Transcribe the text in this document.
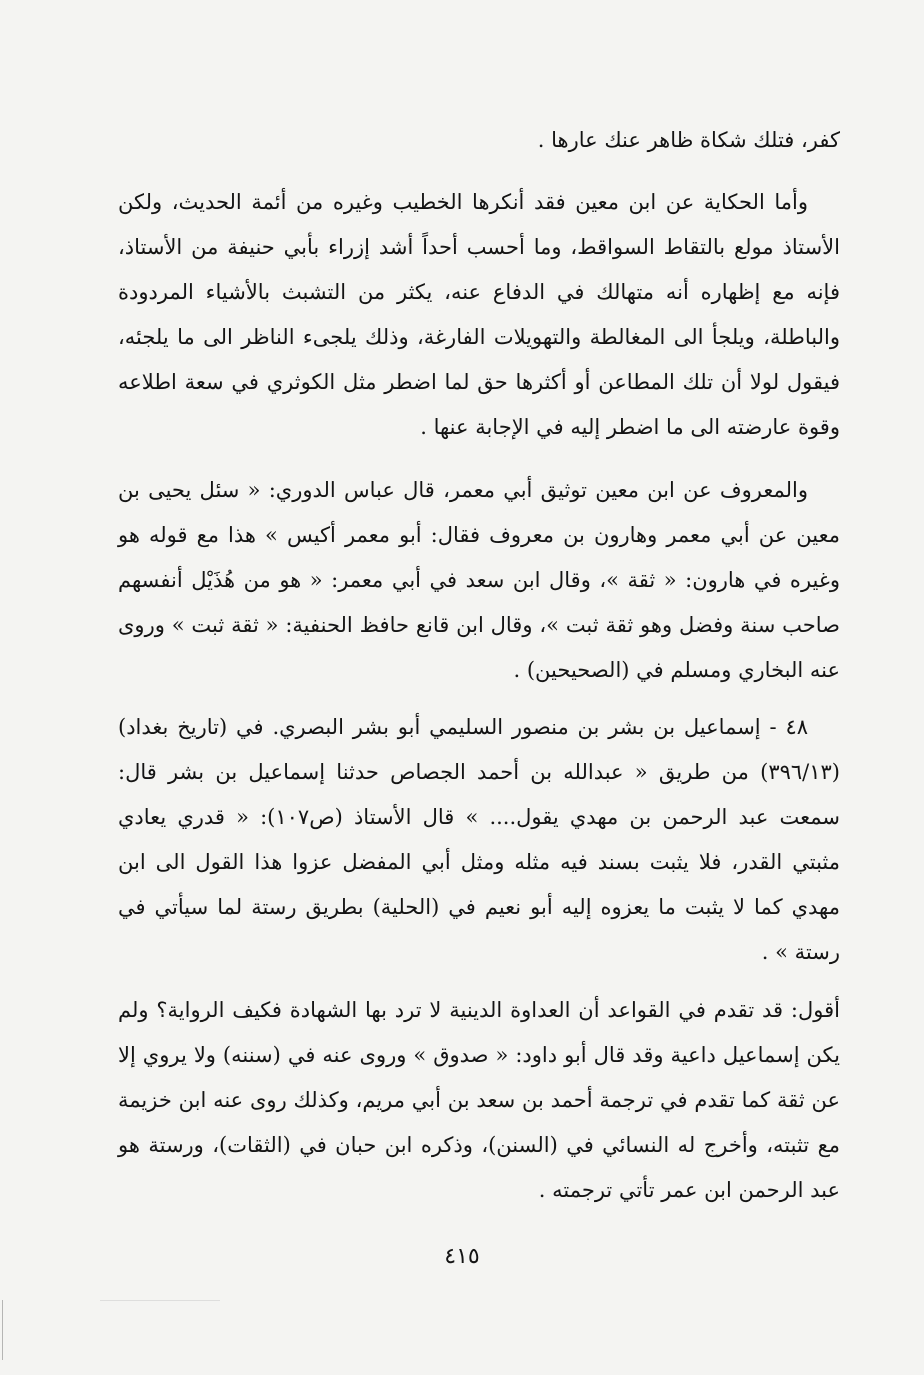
كفر، فتلك شكاة ظاهر عنك عارها .

وأما الحكاية عن ابن معين فقد أنكرها الخطيب وغيره من أئمة الحديث، ولكن الأستاذ مولع بالتقاط السواقط، وما أحسب أحداً أشد إزراء بأبي حنيفة من الأستاذ، فإنه مع إظهاره أنه متهالك في الدفاع عنه، يكثر من التشبث بالأشياء المردودة والباطلة، ويلجأ الى المغالطة والتهويلات الفارغة، وذلك يلجىء الناظر الى ما يلجئه، فيقول لولا أن تلك المطاعن أو أكثرها حق لما اضطر مثل الكوثري في سعة اطلاعه وقوة عارضته الى ما اضطر إليه في الإجابة عنها .

والمعروف عن ابن معين توثيق أبي معمر، قال عباس الدوري: « سئل يحيى بن معين عن أبي معمر وهارون بن معروف فقال: أبو معمر أكيس » هذا مع قوله هو وغيره في هارون: « ثقة »، وقال ابن سعد في أبي معمر: « هو من هُذَيْل أنفسهم صاحب سنة وفضل وهو ثقة ثبت »، وقال ابن قانع حافظ الحنفية: « ثقة ثبت » وروى عنه البخاري ومسلم في (الصحيحين) .

٤٨ - إسماعيل بن بشر بن منصور السليمي أبو بشر البصري. في (تاريخ بغداد) (٣٩٦/١٣) من طريق « عبدالله بن أحمد الجصاص حدثنا إسماعيل بن بشر قال: سمعت عبد الرحمن بن مهدي يقول.... » قال الأستاذ (ص١٠٧): « قدري يعادي مثبتي القدر، فلا يثبت بسند فيه مثله ومثل أبي المفضل عزوا هذا القول الى ابن مهدي كما لا يثبت ما يعزوه إليه أبو نعيم في (الحلية) بطريق رستة لما سيأتي في رستة » .

أقول: قد تقدم في القواعد أن العداوة الدينية لا ترد بها الشهادة فكيف الرواية؟ ولم يكن إسماعيل داعية وقد قال أبو داود: « صدوق » وروى عنه في (سننه) ولا يروي إلا عن ثقة كما تقدم في ترجمة أحمد بن سعد بن أبي مريم، وكذلك روى عنه ابن خزيمة مع تثبته، وأخرج له النسائي في (السنن)، وذكره ابن حبان في (الثقات)، ورستة هو عبد الرحمن ابن عمر تأتي ترجمته .

٤١٥
